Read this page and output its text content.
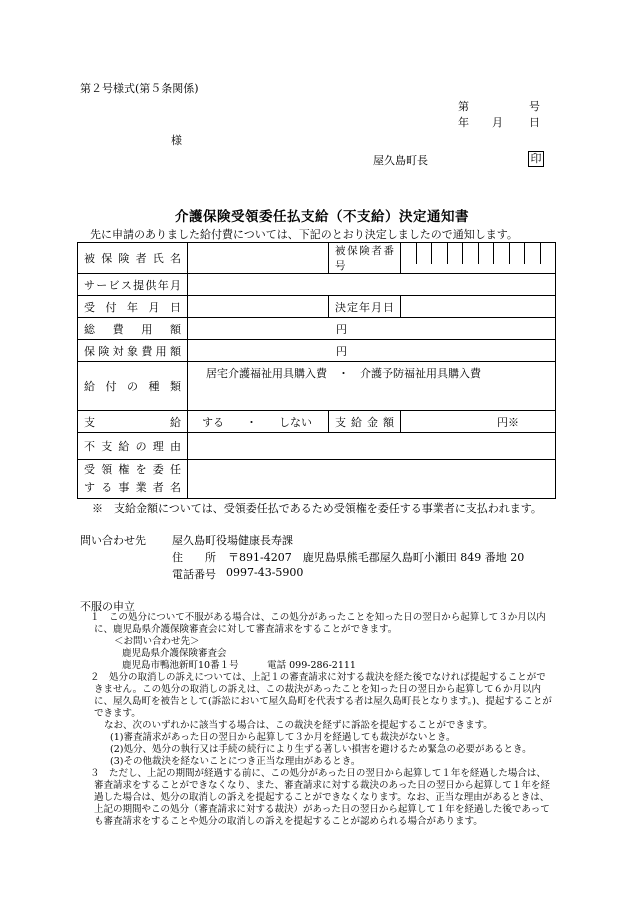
第２号様式(第５条関係)
第	号
年 月 日
様
屋久島町長	印
介護保険受領委任払支給（不支給）決定通知書
先に申請のありました給付費については、下記のとおり決定しましたので通知します。
被保険者氏名		被保険者番号	

サービス提供年月			
受付年月日		決定年月日	
総費用額	円		
保険対象費用額	円		
給付の種類	居宅介護福祉用具購入費　・　介護予防福祉用具購入費		
支給	する　　・　　しない	支給金額	円※
不支給の理由			

受領権を委任
する事業者名			

※　支給金額については、受領委任払であるため受領権を委任する事業者に支払われます。
問い合わせ先 屋久島町役場健康長寿課
住　　所 〒891-4207　鹿児島県熊毛郡屋久島町小瀬田 849 番地 20
電話番号 0997-43-5900
不服の申立

１　この処分について不服がある場合は、この処分があったことを知った日の翌日から起算して３か月以内に、鹿児島県介護保険審査会に対して審査請求をすることができます。

＜お問い合わせ先＞

鹿児島県介護保険審査会

鹿児島市鴨池新町10番１号　　　電話 099-286-2111

２　処分の取消しの訴えについては、上記１の審査請求に対する裁決を経た後でなければ提起することができません。この処分の取消しの訴えは、この裁決があったことを知った日の翌日から起算して６か月以内に、屋久島町を被告として(訴訟において屋久島町を代表する者は屋久島町長となります。)、提起することができます。

なお、次のいずれかに該当する場合は、この裁決を経ずに訴訟を提起することができます。

(1)審査請求があった日の翌日から起算して３か月を経過しても裁決がないとき。

(2)処分、処分の執行又は手続の続行により生ずる著しい損害を避けるため緊急の必要があるとき。

(3)その他裁決を経ないことにつき正当な理由があるとき。

３　ただし、上記の期間が経過する前に、この処分があった日の翌日から起算して１年を経過した場合は、審査請求をすることができなくなり、また、審査請求に対する裁決のあった日の翌日から起算して１年を経過した場合は、処分の取消しの訴えを提起することができなくなります。なお、正当な理由があるときは、上記の期間やこの処分（審査請求に対する裁決）があった日の翌日から起算して１年を経過した後であっても審査請求をすることや処分の取消しの訴えを提起することが認められる場合があります。
